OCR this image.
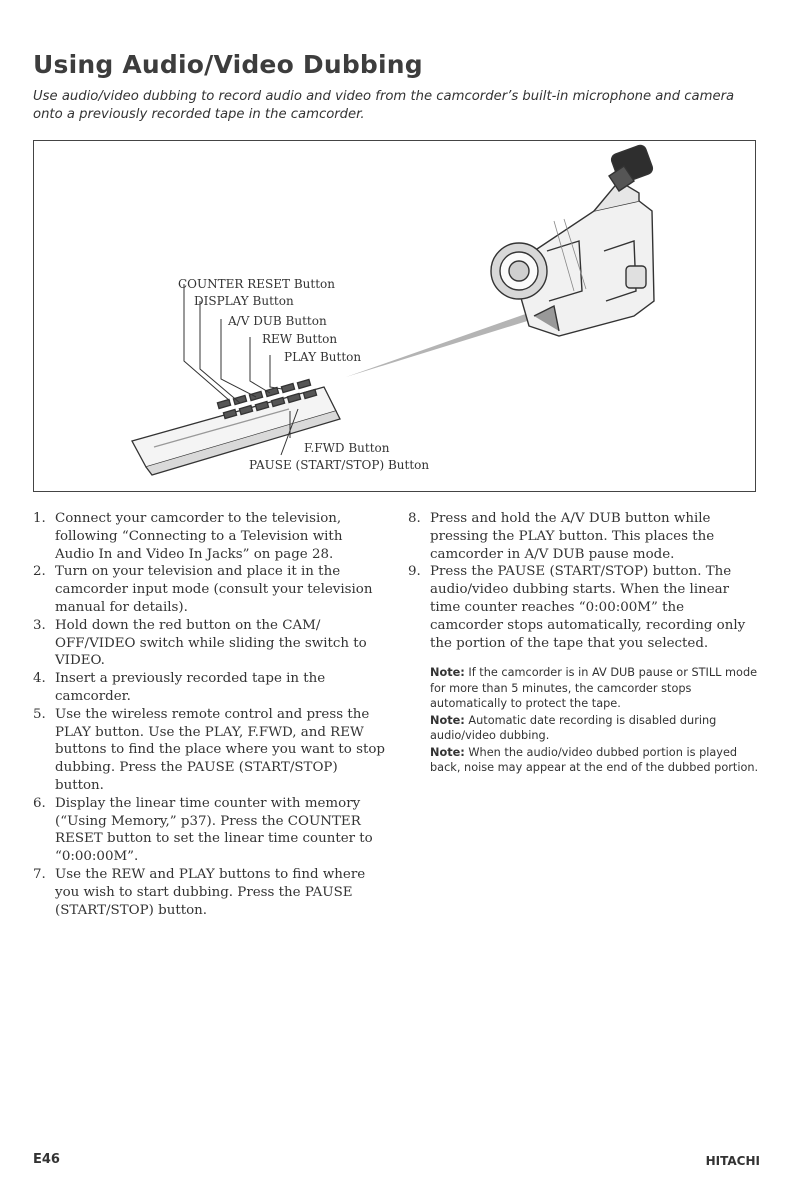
Using Audio/Video Dubbing

Use audio/video dubbing to record audio and video from the camcorder’s built-in microphone and camera onto a previously recorded tape in the camcorder.

COUNTER RESET Button
DISPLAY Button
A/V DUB Button
REW Button
PLAY Button
F.FWD Button
PAUSE (START/STOP) Button
1. Connect your camcorder to the television, following “Connecting to a Television with Audio In and Video In Jacks” on page 28.
2. Turn on your television and place it in the camcorder input mode (consult your television manual for details).
3. Hold down the red button on the CAM/ OFF/VIDEO switch while sliding the switch to VIDEO.
4. Insert a previously recorded tape in the camcorder.
5. Use the wireless remote control and press the PLAY button. Use the PLAY, F.FWD, and REW buttons to find the place where you want to stop dubbing. Press the PAUSE (START/STOP) button.
6. Display the linear time counter with memory (“Using Memory,” p37). Press the COUNTER RESET button to set the linear time counter to “0:00:00M”.
7. Use the REW and PLAY buttons to find where you wish to start dubbing. Press the PAUSE (START/STOP) button.
8. Press and hold the A/V DUB button while pressing the PLAY button. This places the camcorder in A/V DUB pause mode.
9. Press the PAUSE (START/STOP) button. The audio/video dubbing starts. When the linear time counter reaches “0:00:00M” the camcorder stops automatically, recording only the portion of the tape that you selected.

Note: If the camcorder is in AV DUB pause or STILL mode for more than 5 minutes, the camcorder stops automatically to protect the tape.

Note: Automatic date recording is disabled during audio/video dubbing.

Note: When the audio/video dubbed portion is played back, noise may appear at the end of the dubbed portion.

E46	HITACHI
